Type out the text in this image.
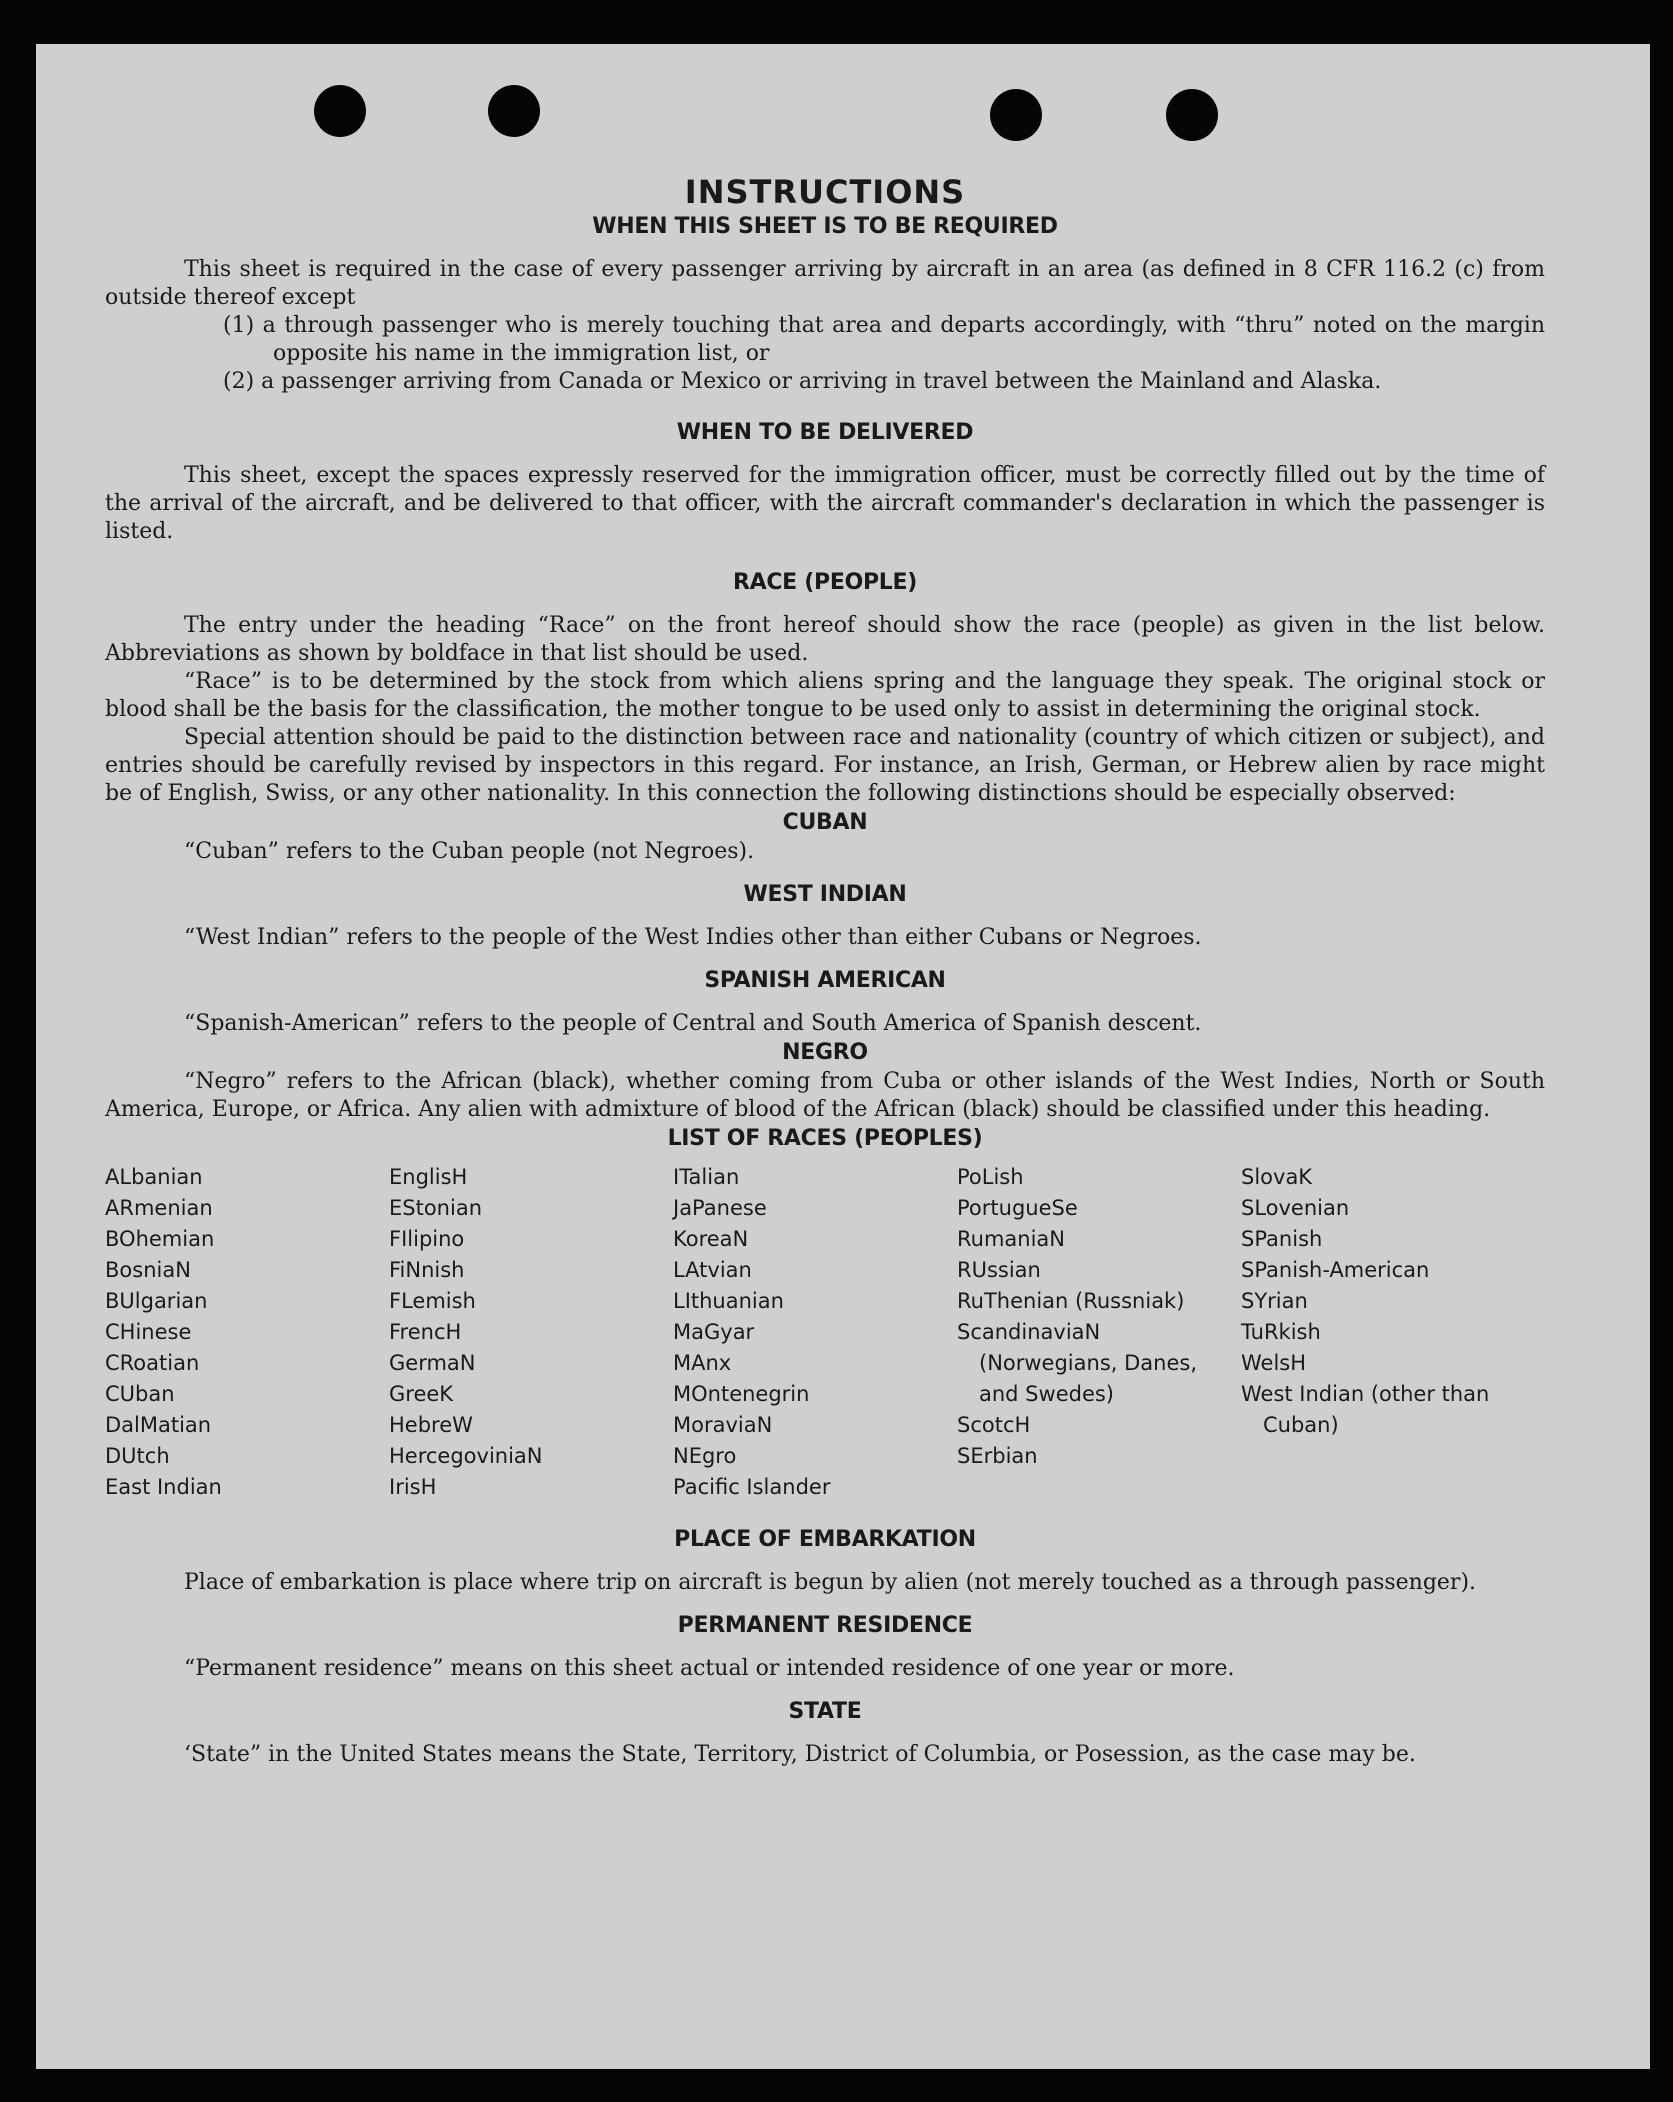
INSTRUCTIONS
WHEN THIS SHEET IS TO BE REQUIRED

This sheet is required in the case of every passenger arriving by aircraft in an area (as defined in 8 CFR 116.2 (c) from outside thereof except

(1) a through passenger who is merely touching that area and departs accordingly, with “thru” noted on the margin opposite his name in the immigration list, or

(2) a passenger arriving from Canada or Mexico or arriving in travel between the Mainland and Alaska.

WHEN TO BE DELIVERED

This sheet, except the spaces expressly reserved for the immigration officer, must be correctly filled out by the time of the arrival of the aircraft, and be delivered to that officer, with the aircraft commander's declaration in which the passenger is listed.

RACE (PEOPLE)

The entry under the heading “Race” on the front hereof should show the race (people) as given in the list below. Abbreviations as shown by boldface in that list should be used.

“Race” is to be determined by the stock from which aliens spring and the language they speak. The original stock or blood shall be the basis for the classification, the mother tongue to be used only to assist in determining the original stock.

Special attention should be paid to the distinction between race and nationality (country of which citizen or subject), and entries should be carefully revised by inspectors in this regard. For instance, an Irish, German, or Hebrew alien by race might be of English, Swiss, or any other nationality. In this connection the following distinctions should be especially observed:

CUBAN

“Cuban” refers to the Cuban people (not Negroes).

WEST INDIAN

“West Indian” refers to the people of the West Indies other than either Cubans or Negroes.

SPANISH AMERICAN

“Spanish-American” refers to the people of Central and South America of Spanish descent.

NEGRO

“Negro” refers to the African (black), whether coming from Cuba or other islands of the West Indies, North or South America, Europe, or Africa. Any alien with admixture of blood of the African (black) should be classified under this heading.

LIST OF RACES (PEOPLES)
ALbanian
ARmenian
BOhemian
BosniaN
BUlgarian
CHinese
CRoatian
CUban
DalMatian
DUtch
East Indian
EnglisH
EStonian
FIlipino
FiNnish
FLemish
FrencH
GermaN
GreeK
HebreW
HercegoviniaN
IrisH
ITalian
JaPanese
KoreaN
LAtvian
LIthuanian
MaGyar
MAnx
MOntenegrin
MoraviaN
NEgro
Pacific Islander
PoLish
PortugueSe
RumaniaN
RUssian
RuThenian (Russniak)
ScandinaviaN (Norwegians, Danes, and Swedes)
ScotcH
SErbian
SlovaK
SLovenian
SPanish
SPanish-American
SYrian
TuRkish
WelsH
West Indian (other than Cuban)
PLACE OF EMBARKATION

Place of embarkation is place where trip on aircraft is begun by alien (not merely touched as a through passenger).

PERMANENT RESIDENCE

“Permanent residence” means on this sheet actual or intended residence of one year or more.

STATE

‘State” in the United States means the State, Territory, District of Columbia, or Posession, as the case may be.
